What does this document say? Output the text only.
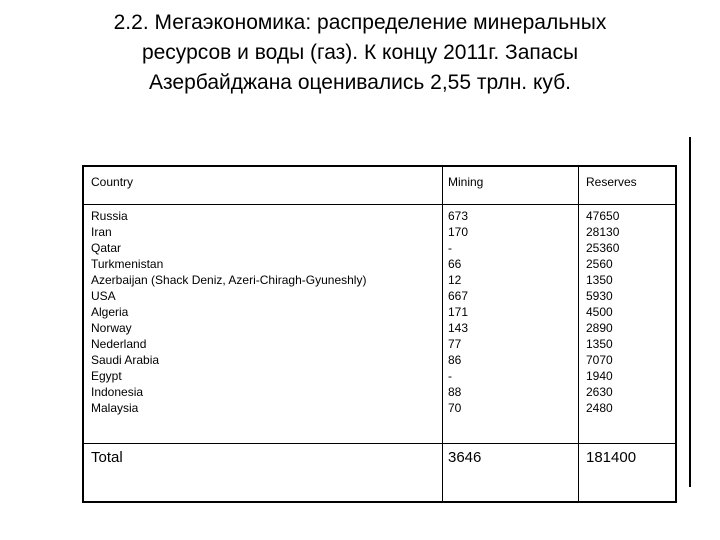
2.2. Мегаэкономика: распределение минеральных
ресурсов и воды (газ). К концу 2011г. Запасы
Азербайджана оценивались 2,55 трлн. куб.
Country	Mining	Reserves
Russia	673	47650
Iran	170	28130
Qatar	-	25360
Turkmenistan	66	2560
Azerbaijan (Shack Deniz, Azeri-Chiragh-Gyuneshly)	12	1350
USA	667	5930
Algeria	171	4500
Norway	143	2890
Nederland	77	1350
Saudi Arabia	86	7070
Egypt	-	1940
Indonesia	88	2630
Malaysia	70	2480
Total	3646	181400
